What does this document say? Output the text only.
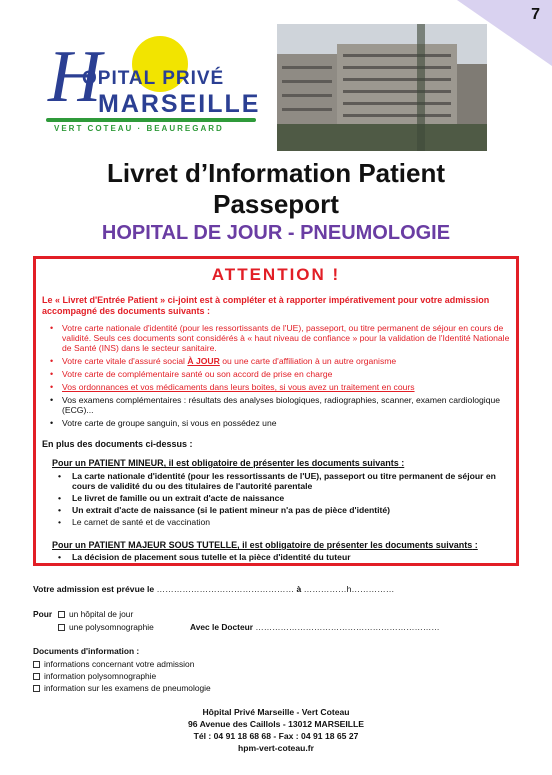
7
H
OPITAL PRIVÉ
MARSEILLE
VERT COTEAU · BEAUREGARD
Livret d’Information Patient
Passeport
HOPITAL DE JOUR - PNEUMOLOGIE
ATTENTION !
Le « Livret d'Entrée Patient » ci-joint est à compléter et à rapporter impérativement pour votre admission accompagné des documents suivants :
• Votre carte nationale d'identité (pour les ressortissants de l'UE), passeport, ou titre permanent de séjour en cours de validité. Seuls ces documents sont considérés à « haut niveau de confiance » pour la validation de l'Identité Nationale de Santé (INS) dans le secteur sanitaire.
• Votre carte vitale d'assuré social À JOUR ou une carte d'affiliation à un autre organisme
• Votre carte de complémentaire santé ou son accord de prise en charge
• Vos ordonnances et vos médicaments dans leurs boites, si vous avez un traitement en cours
• Vos examens complémentaires : résultats des analyses biologiques, radiographies, scanner, examen cardiologique (ECG)...
• Votre carte de groupe sanguin, si vous en possédez une
En plus des documents ci-dessus :
Pour un PATIENT MINEUR, il est obligatoire de présenter les documents suivants :
• La carte nationale d'identité (pour les ressortissants de l'UE), passeport ou titre permanent de séjour en cours de validité du ou des titulaires de l'autorité parentale
• Le livret de famille ou un extrait d'acte de naissance
• Un extrait d'acte de naissance (si le patient mineur n'a pas de pièce d'identité)
• Le carnet de santé et de vaccination
Pour un PATIENT MAJEUR SOUS TUTELLE, il est obligatoire de présenter les documents suivants :
• La décision de placement sous tutelle et la pièce d'identité du tuteur
Votre admission est prévue le ………………………………………… à ……………h……………
Pour	un hôpital de jour
une polysomnographie	Avec le Docteur …………………………………………………………
Documents d'information :
informations concernant votre admission
information polysomnographie
information sur les examens de pneumologie
Hôpital Privé Marseille - Vert Coteau
96 Avenue des Caillols - 13012 MARSEILLE
Tél : 04 91 18 68 68 - Fax : 04 91 18 65 27
hpm-vert-coteau.fr
